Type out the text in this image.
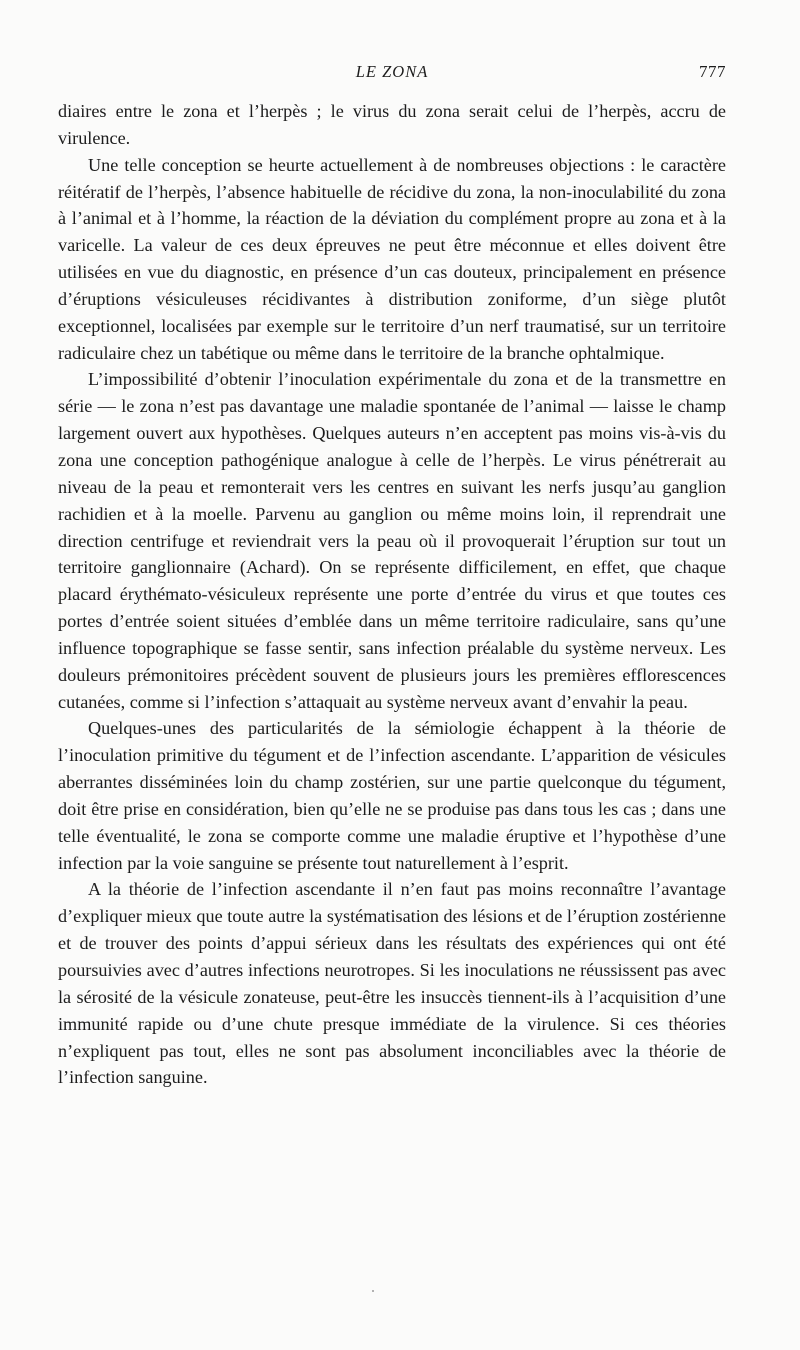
LE ZONA	777

diaires entre le zona et l’herpès ; le virus du zona serait celui de l’herpès, accru de virulence.

Une telle conception se heurte actuellement à de nombreuses objections : le caractère réitératif de l’herpès, l’absence habituelle de récidive du zona, la non-inoculabilité du zona à l’animal et à l’homme, la réaction de la déviation du complément propre au zona et à la varicelle. La valeur de ces deux épreuves ne peut être méconnue et elles doivent être utilisées en vue du diagnostic, en présence d’un cas douteux, principalement en présence d’éruptions vésiculeuses récidivantes à distribution zoniforme, d’un siège plutôt exceptionnel, localisées par exemple sur le territoire d’un nerf traumatisé, sur un territoire radiculaire chez un tabétique ou même dans le territoire de la branche ophtalmique.

L’impossibilité d’obtenir l’inoculation expérimentale du zona et de la transmettre en série — le zona n’est pas davantage une maladie spontanée de l’animal — laisse le champ largement ouvert aux hypothèses. Quelques auteurs n’en acceptent pas moins vis-à-vis du zona une conception pathogénique analogue à celle de l’herpès. Le virus pénétrerait au niveau de la peau et remonterait vers les centres en suivant les nerfs jusqu’au ganglion rachidien et à la moelle. Parvenu au ganglion ou même moins loin, il reprendrait une direction centrifuge et reviendrait vers la peau où il provoquerait l’éruption sur tout un territoire ganglionnaire (Achard). On se représente difficilement, en effet, que chaque placard érythémato-vésiculeux représente une porte d’entrée du virus et que toutes ces portes d’entrée soient situées d’emblée dans un même territoire radiculaire, sans qu’une influence topographique se fasse sentir, sans infection préalable du système nerveux. Les douleurs prémonitoires précèdent souvent de plusieurs jours les premières efflorescences cutanées, comme si l’infection s’attaquait au système nerveux avant d’envahir la peau.

Quelques-unes des particularités de la sémiologie échappent à la théorie de l’inoculation primitive du tégument et de l’infection ascendante. L’apparition de vésicules aberrantes disséminées loin du champ zostérien, sur une partie quelconque du tégument, doit être prise en considération, bien qu’elle ne se produise pas dans tous les cas ; dans une telle éventualité, le zona se comporte comme une maladie éruptive et l’hypothèse d’une infection par la voie sanguine se présente tout naturellement à l’esprit.

A la théorie de l’infection ascendante il n’en faut pas moins reconnaître l’avantage d’expliquer mieux que toute autre la systématisation des lésions et de l’éruption zostérienne et de trouver des points d’appui sérieux dans les résultats des expériences qui ont été poursuivies avec d’autres infections neurotropes. Si les inoculations ne réussissent pas avec la sérosité de la vésicule zonateuse, peut-être les insuccès tiennent-ils à l’acquisition d’une immunité rapide ou d’une chute presque immédiate de la virulence. Si ces théories n’expliquent pas tout, elles ne sont pas absolument inconciliables avec la théorie de l’infection sanguine.
